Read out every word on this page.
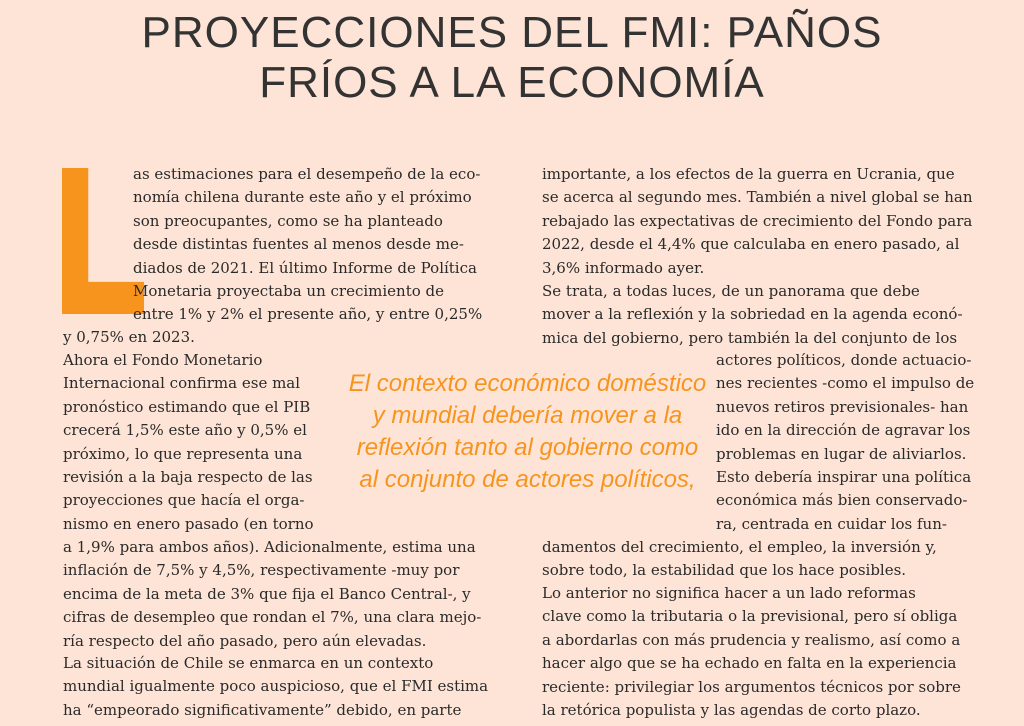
PROYECCIONES DEL FMI: PAÑOS
FRÍOS A LA ECONOMÍA
as estimaciones para el desempeño de la eco-
nomía chilena durante este año y el próximo
son preocupantes, como se ha planteado
desde distintas fuentes al menos desde me-
diados de 2021. El último Informe de Política
Monetaria proyectaba un crecimiento de
entre 1% y 2% el presente año, y entre 0,25%
y 0,75% en 2023.
Ahora el Fondo Monetario
Internacional confirma ese mal
pronóstico estimando que el PIB
crecerá 1,5% este año y 0,5% el
próximo, lo que representa una
revisión a la baja respecto de las
proyecciones que hacía el orga-
nismo en enero pasado (en torno
a 1,9% para ambos años). Adicionalmente, estima una
inflación de 7,5% y 4,5%, respectivamente -muy por
encima de la meta de 3% que fija el Banco Central-, y
cifras de desempleo que rondan el 7%, una clara mejo-
ría respecto del año pasado, pero aún elevadas.
La situación de Chile se enmarca en un contexto
mundial igualmente poco auspicioso, que el FMI estima
ha “empeorado significativamente” debido, en parte
importante, a los efectos de la guerra en Ucrania, que
se acerca al segundo mes. También a nivel global se han
rebajado las expectativas de crecimiento del Fondo para
2022, desde el 4,4% que calculaba en enero pasado, al
3,6% informado ayer.
Se trata, a todas luces, de un panorama que debe
mover a la reflexión y la sobriedad en la agenda econó-
mica del gobierno, pero también la del conjunto de los
actores políticos, donde actuacio-
nes recientes -como el impulso de
nuevos retiros previsionales- han
ido en la dirección de agravar los
problemas en lugar de aliviarlos.
Esto debería inspirar una política
económica más bien conservado-
ra, centrada en cuidar los fun-
damentos del crecimiento, el empleo, la inversión y,
sobre todo, la estabilidad que los hace posibles.
Lo anterior no significa hacer a un lado reformas
clave como la tributaria o la previsional, pero sí obliga
a abordarlas con más prudencia y realismo, así como a
hacer algo que se ha echado en falta en la experiencia
reciente: privilegiar los argumentos técnicos por sobre
la retórica populista y las agendas de corto plazo.
El contexto económico doméstico
y mundial debería mover a la
reflexión tanto al gobierno como
al conjunto de actores políticos,
